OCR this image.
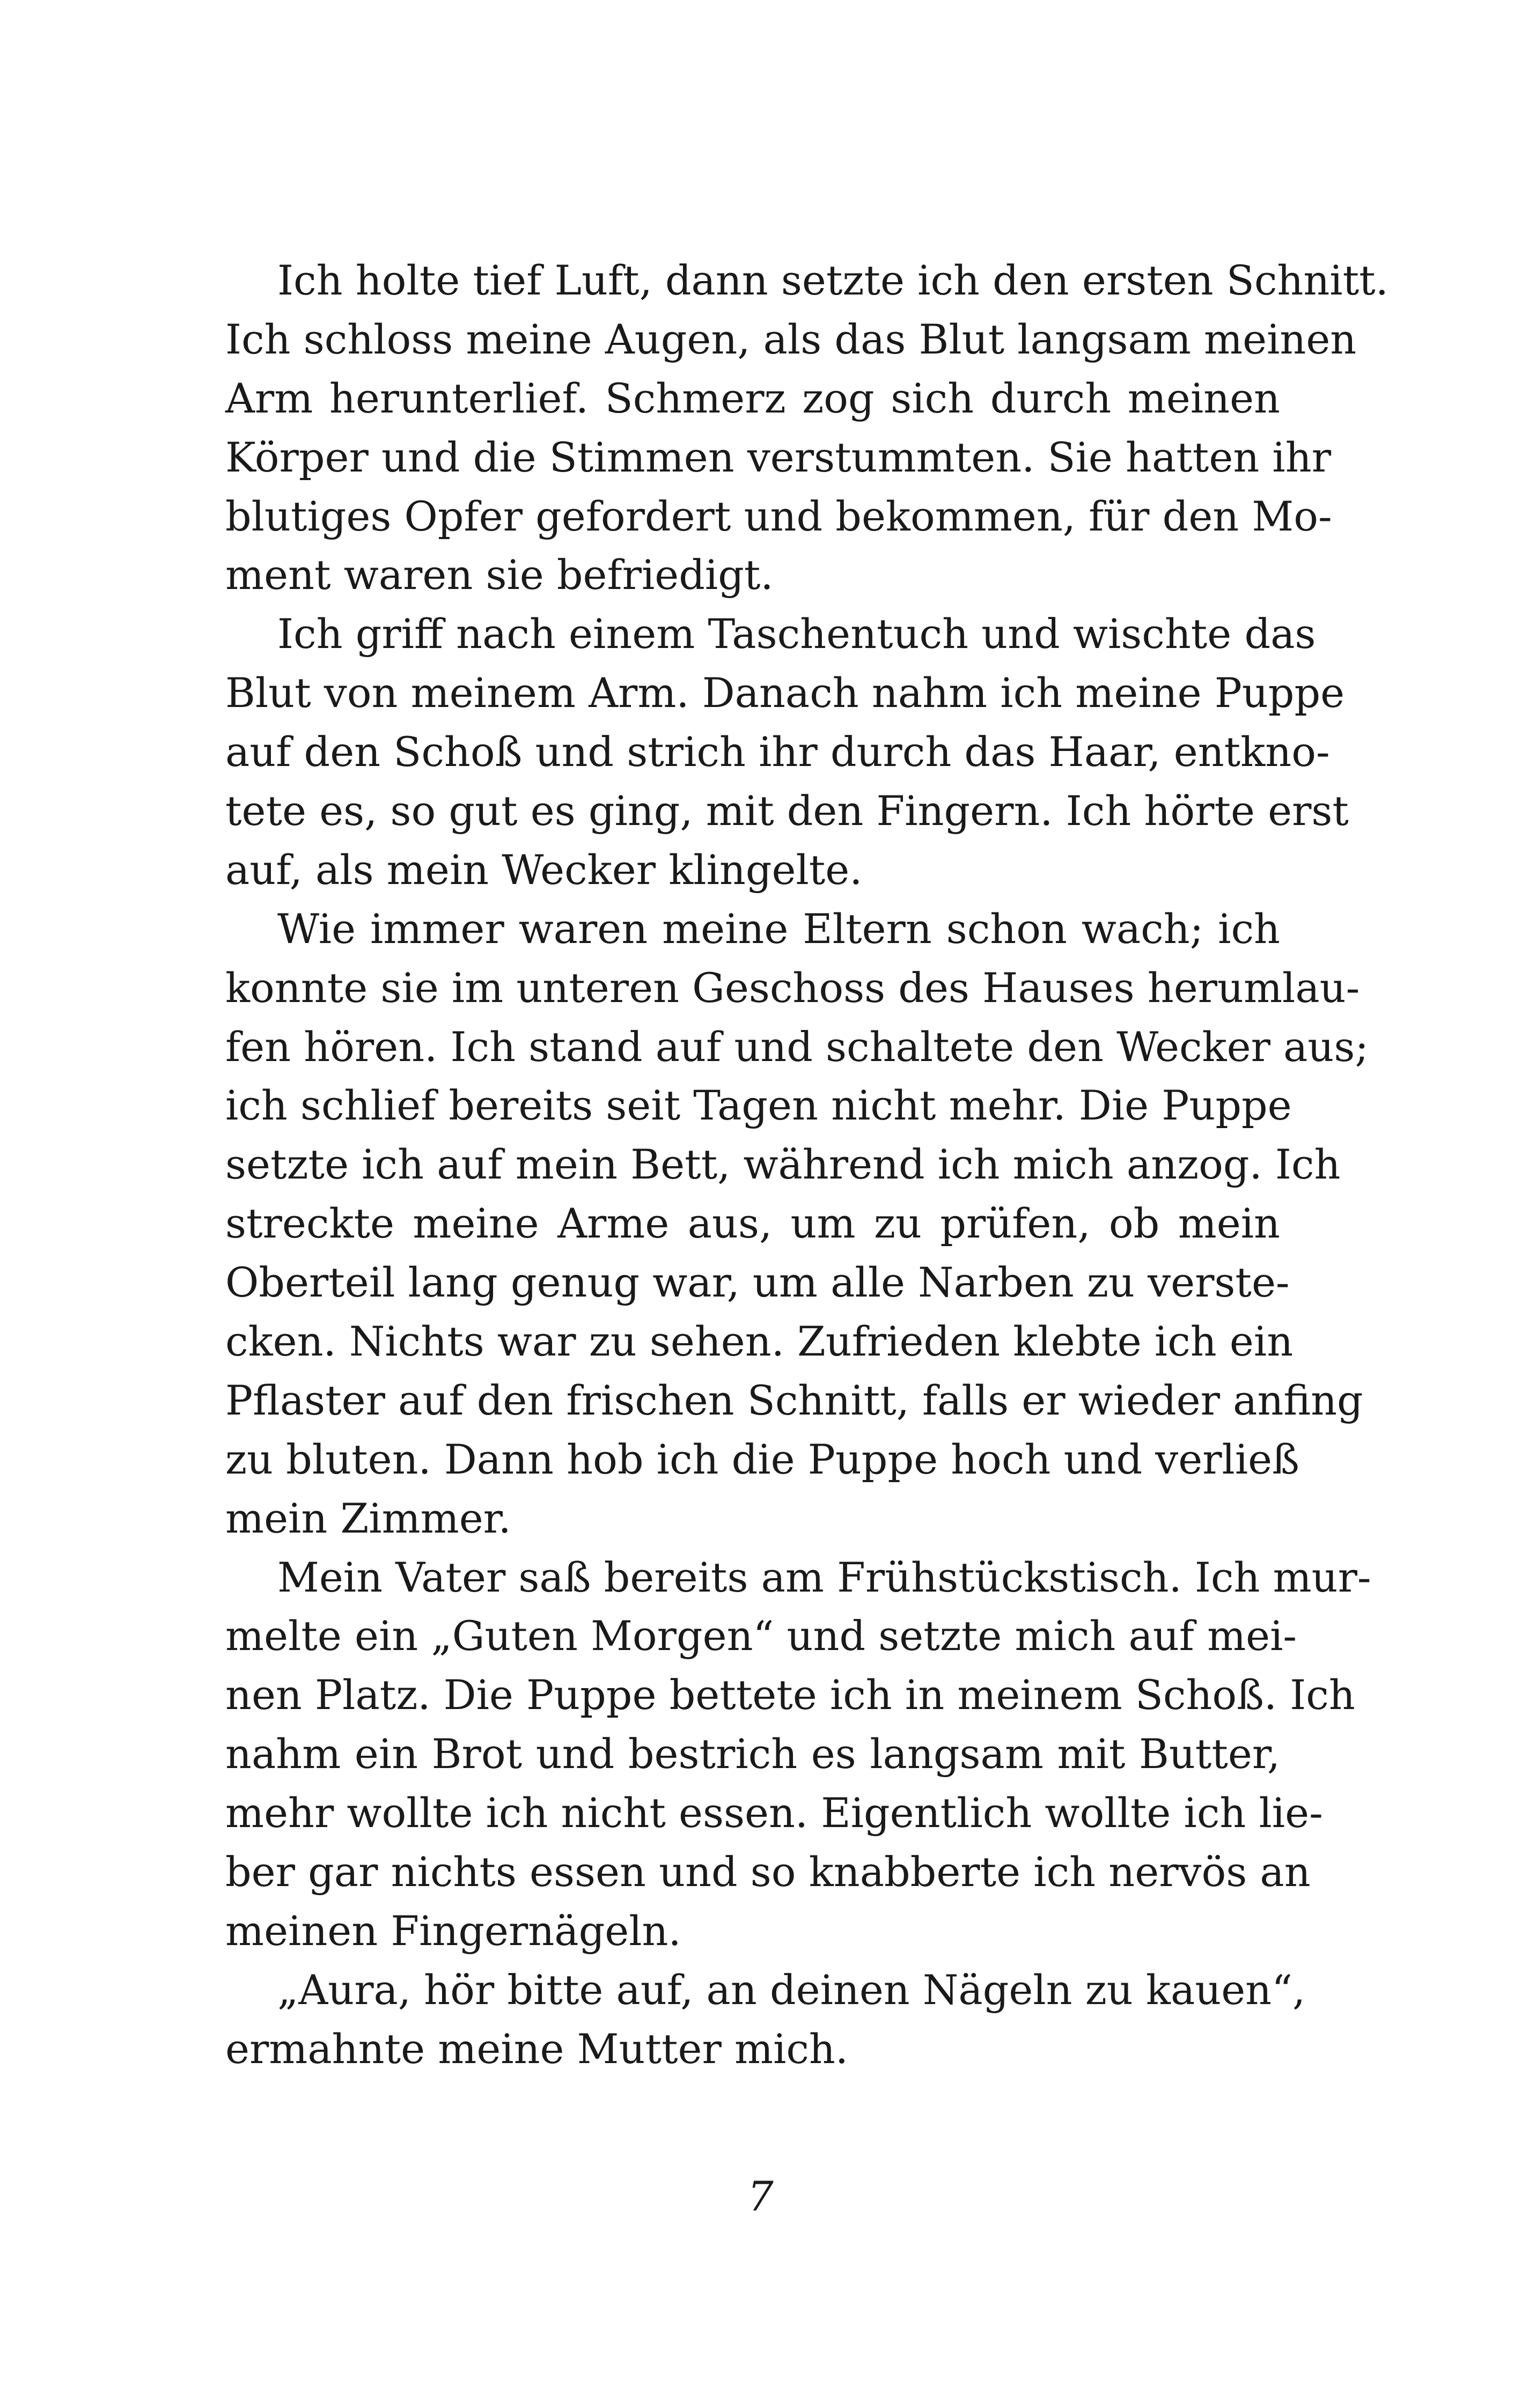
Ich holte tief Luft, dann setzte ich den ersten Schnitt.
Ich schloss meine Augen, als das Blut langsam meinen
Arm herunterlief. Schmerz zog sich durch meinen
Körper und die Stimmen verstummten. Sie hatten ihr
blutiges Opfer gefordert und bekommen, für den Mo-
ment waren sie befriedigt.
Ich griff nach einem Taschentuch und wischte das
Blut von meinem Arm. Danach nahm ich meine Puppe
auf den Schoß und strich ihr durch das Haar, entkno-
tete es, so gut es ging, mit den Fingern. Ich hörte erst
auf, als mein Wecker klingelte.
Wie immer waren meine Eltern schon wach; ich
konnte sie im unteren Geschoss des Hauses herumlau-
fen hören. Ich stand auf und schaltete den Wecker aus;
ich schlief bereits seit Tagen nicht mehr. Die Puppe
setzte ich auf mein Bett, während ich mich anzog. Ich
streckte meine Arme aus, um zu prüfen, ob mein
Oberteil lang genug war, um alle Narben zu verste-
cken. Nichts war zu sehen. Zufrieden klebte ich ein
Pflaster auf den frischen Schnitt, falls er wieder anfing
zu bluten. Dann hob ich die Puppe hoch und verließ
mein Zimmer.
Mein Vater saß bereits am Frühstückstisch. Ich mur-
melte ein „Guten Morgen“ und setzte mich auf mei-
nen Platz. Die Puppe bettete ich in meinem Schoß. Ich
nahm ein Brot und bestrich es langsam mit Butter,
mehr wollte ich nicht essen. Eigentlich wollte ich lie-
ber gar nichts essen und so knabberte ich nervös an
meinen Fingernägeln.
„Aura, hör bitte auf, an deinen Nägeln zu kauen“,
ermahnte meine Mutter mich.
7
